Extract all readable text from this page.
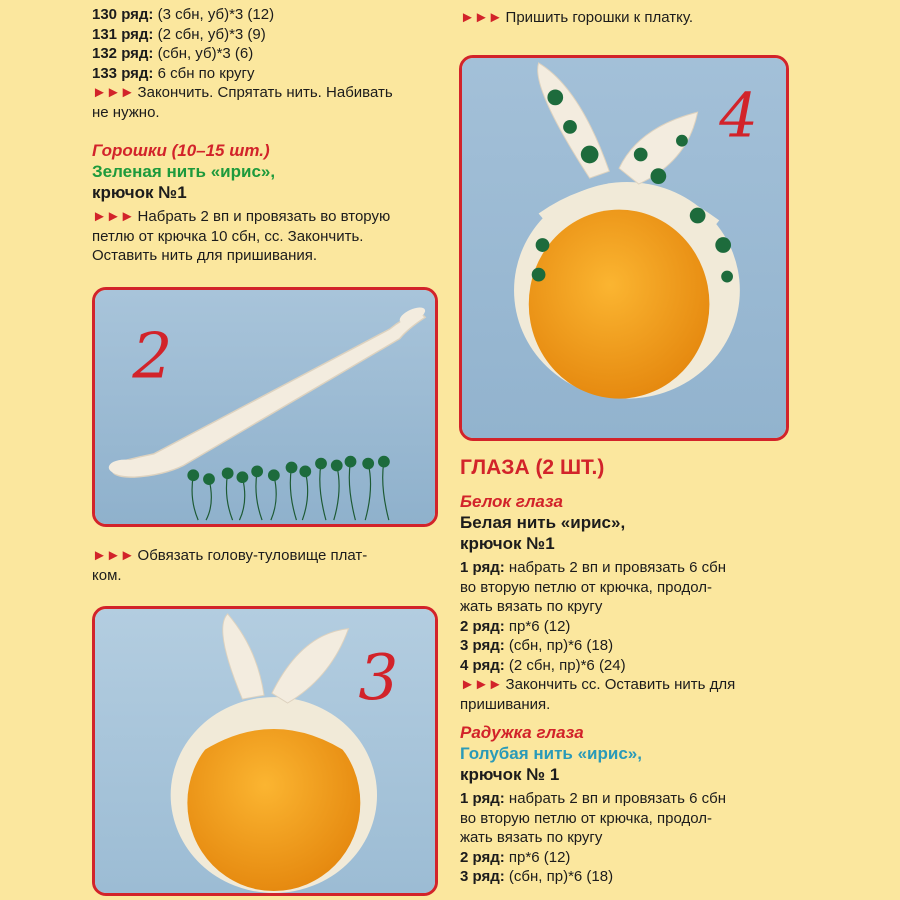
130 ряд: (3 сбн, уб)*3 (12)

131 ряд: (2 сбн, уб)*3 (9)

132 ряд: (сбн, уб)*3 (6)

133 ряд: 6 сбн по кругу

►►► Закончить. Спрятать нить. Набивать

не нужно.

Горошки (10–15 шт.)

Зеленая нить «ирис»,

крючок №1

►►► Набрать 2 вп и провязать во вторую

петлю от крючка 10 сбн, сс. Закончить.

Оставить нить для пришивания.

2

►►► Обвязать голову-туловище плат-

ком.

3

►►► Пришить горошки к платку.

4

ГЛАЗА (2 ШТ.)

Белок глаза

Белая нить «ирис»,

крючок №1

1 ряд: набрать 2 вп и провязать 6 сбн

во вторую петлю от крючка, продол-

жать вязать по кругу

2 ряд: пр*6 (12)

3 ряд: (сбн, пр)*6 (18)

4 ряд: (2 сбн, пр)*6 (24)

►►► Закончить сс. Оставить нить для

пришивания.

Радужка глаза

Голубая нить «ирис»,

крючок № 1

1 ряд: набрать 2 вп и провязать 6 сбн

во вторую петлю от крючка, продол-

жать вязать по кругу

2 ряд: пр*6 (12)

3 ряд: (сбн, пр)*6 (18)
